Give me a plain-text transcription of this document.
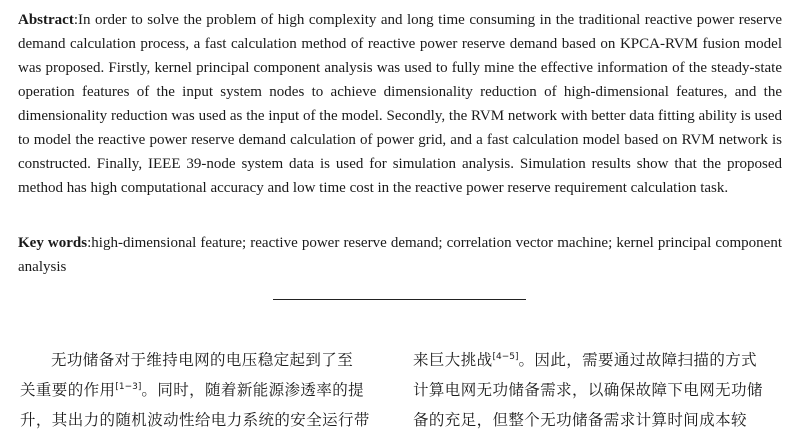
Abstract:In order to solve the problem of high complexity and long time consuming in the traditional reactive power reserve demand calculation process, a fast calculation method of reactive power reserve demand based on KPCA-RVM fusion model was proposed. Firstly, kernel principal component analysis was used to fully mine the effective information of the steady-state operation features of the input system nodes to achieve dimensionality reduction of high-dimensional features, and the dimensionality reduction was used as the input of the model. Secondly, the RVM network with better data fitting ability is used to model the reactive power reserve demand calculation of power grid, and a fast calculation model based on RVM network is constructed. Finally, IEEE 39-node system data is used for simulation analysis. Simulation results show that the proposed method has high computational accuracy and low time cost in the reactive power reserve requirement calculation task.
Key words:high-dimensional feature; reactive power reserve demand; correlation vector machine; kernel principal component analysis
无功储备对于维持电网的电压稳定起到了至
关重要的作用[1−3]。同时，随着新能源渗透率的提
升，其出力的随机波动性给电力系统的安全运行带
来巨大挑战[4−5]。因此，需要通过故障扫描的方式
计算电网无功储备需求，以确保故障下电网无功储
备的充足，但整个无功储备需求计算时间成本较
